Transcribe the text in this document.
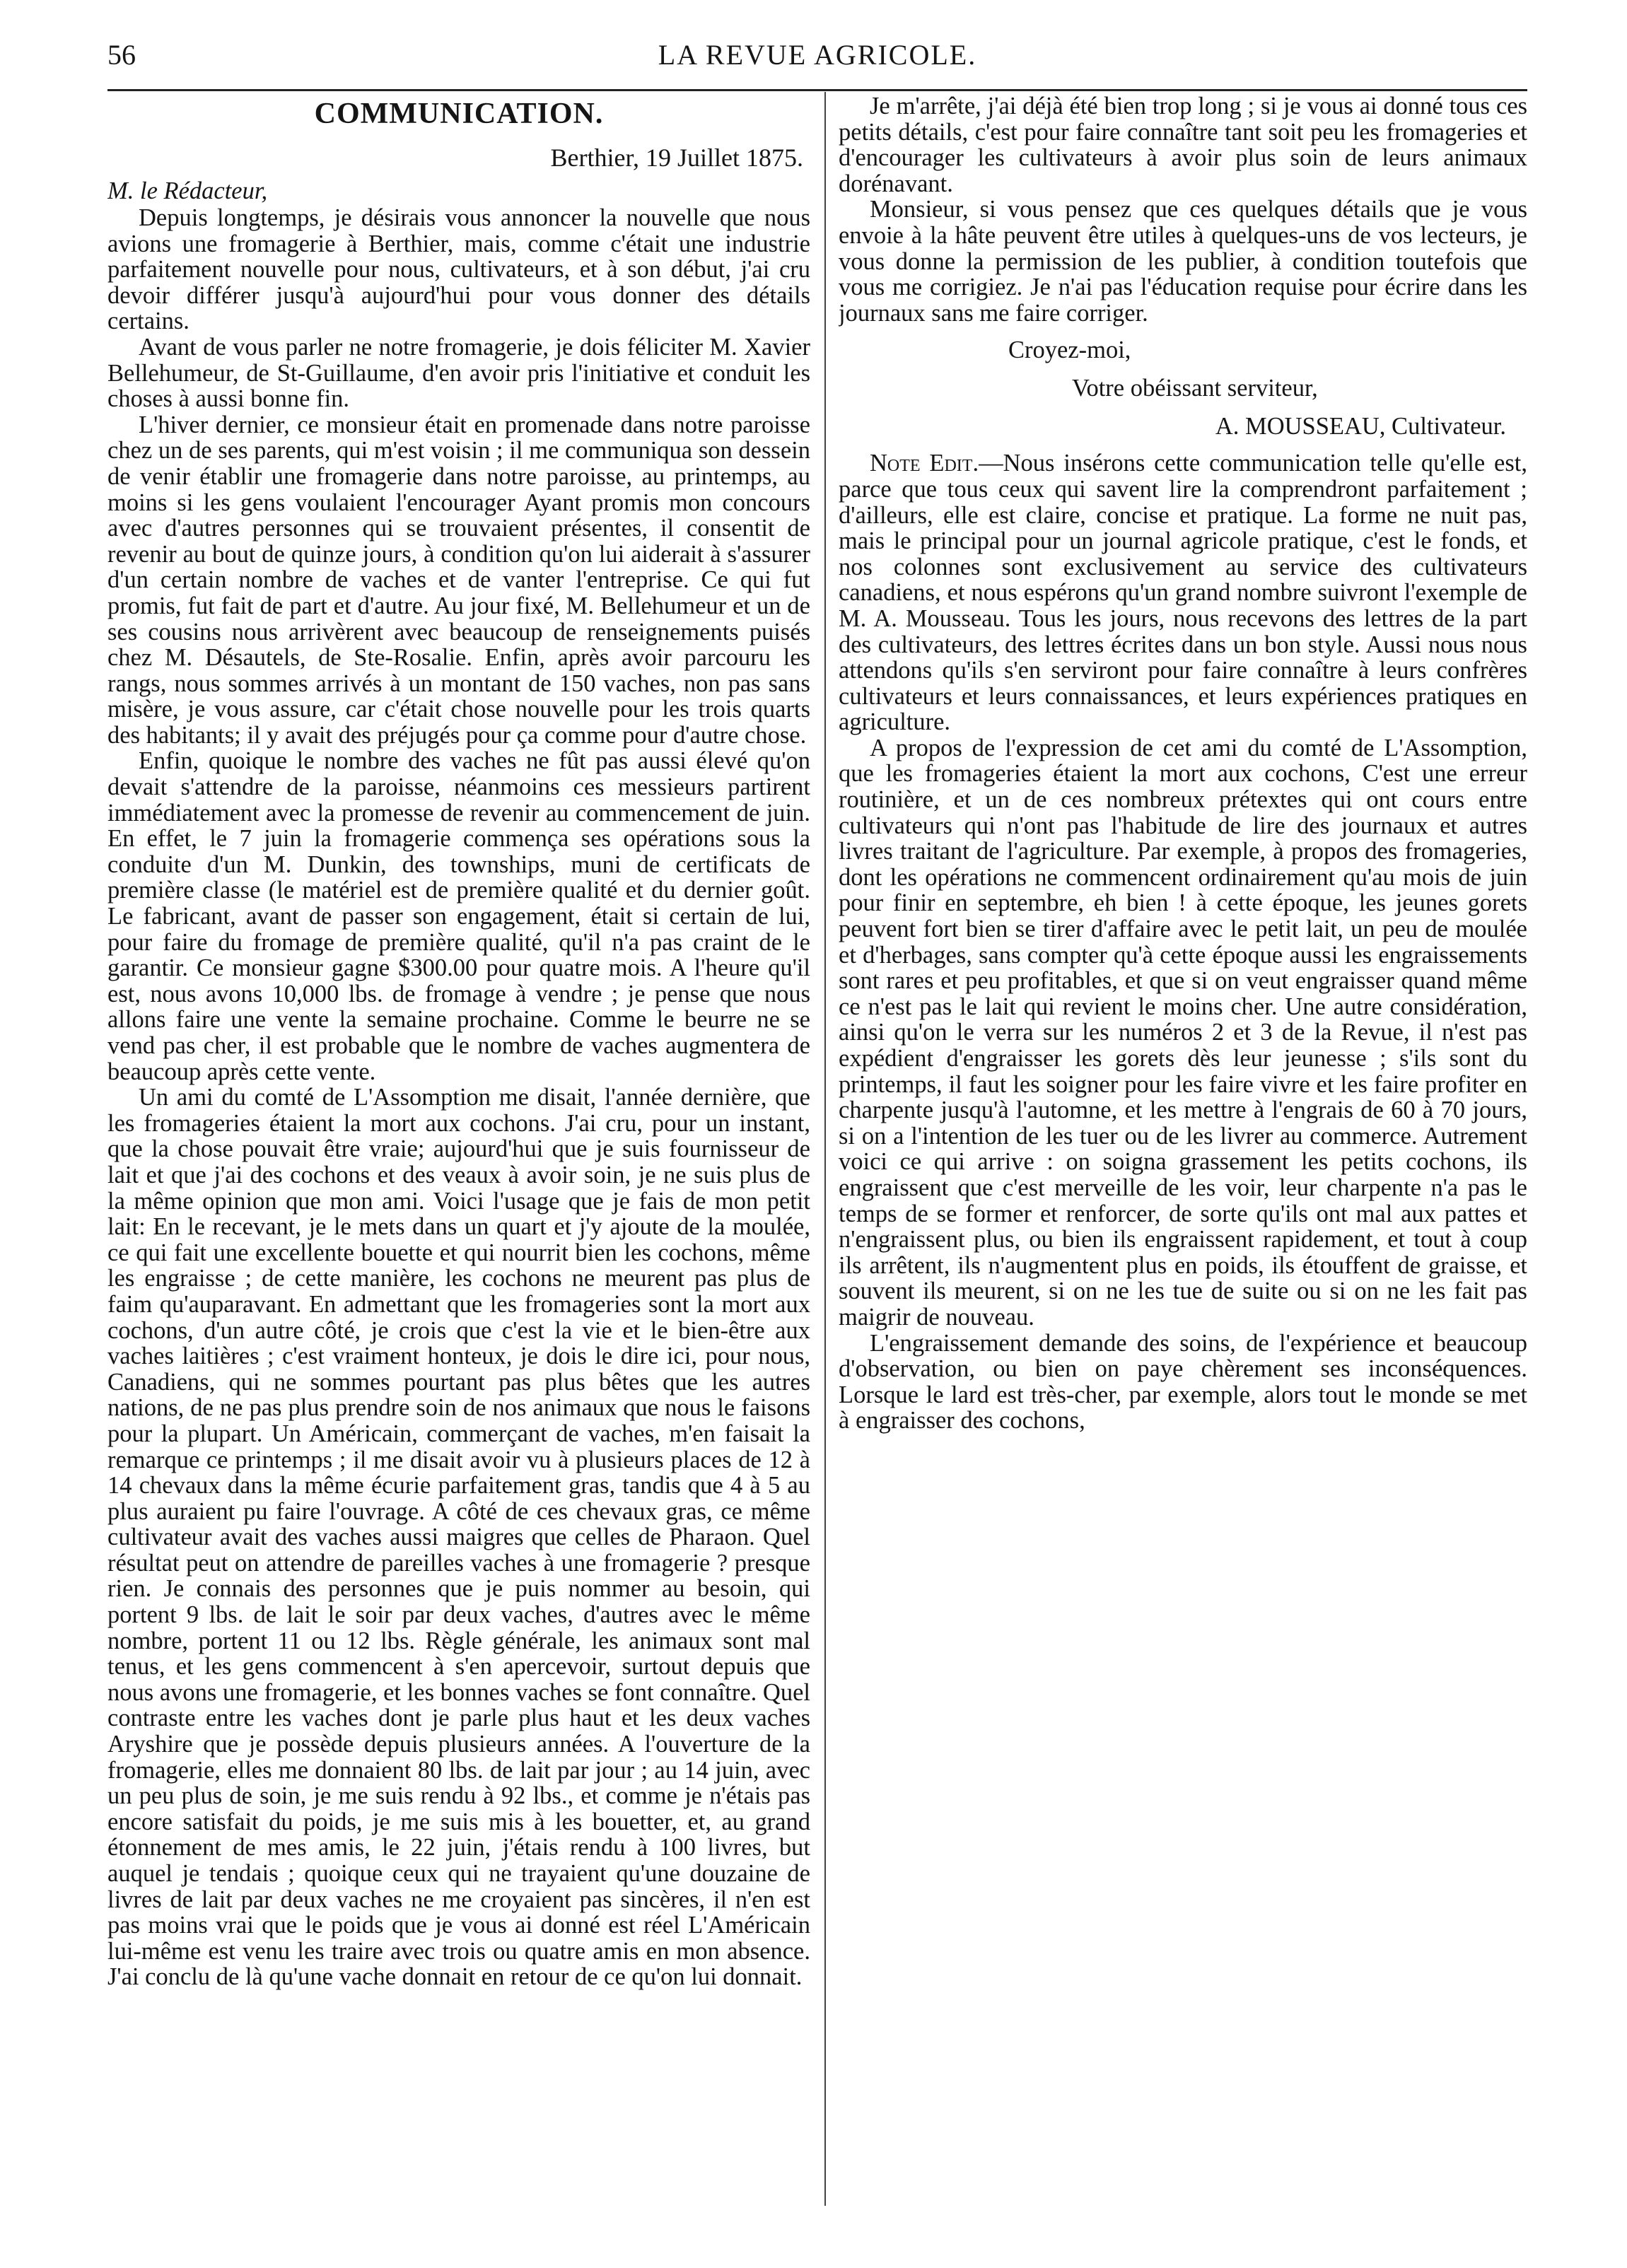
56	LA REVUE AGRICOLE.
COMMUNICATION.
Berthier, 19 Juillet 1875.

M. le Rédacteur,

Depuis longtemps, je désirais vous annoncer la nouvelle que nous avions une fromagerie à Berthier, mais, comme c'était une industrie parfaitement nouvelle pour nous, cultivateurs, et à son début, j'ai cru devoir différer jusqu'à aujourd'hui pour vous donner des détails certains.

Avant de vous parler ne notre fromagerie, je dois féliciter M. Xavier Bellehumeur, de St-Guillaume, d'en avoir pris l'initiative et conduit les choses à aussi bonne fin.

L'hiver dernier, ce monsieur était en promenade dans notre paroisse chez un de ses parents, qui m'est voisin ; il me communiqua son dessein de venir établir une fromagerie dans notre paroisse, au printemps, au moins si les gens voulaient l'encourager Ayant promis mon concours avec d'autres personnes qui se trouvaient présentes, il consentit de revenir au bout de quinze jours, à condition qu'on lui aiderait à s'assurer d'un certain nombre de vaches et de vanter l'entreprise. Ce qui fut promis, fut fait de part et d'autre. Au jour fixé, M. Bellehumeur et un de ses cousins nous arrivèrent avec beaucoup de renseignements puisés chez M. Désautels, de Ste-Rosalie. Enfin, après avoir parcouru les rangs, nous sommes arrivés à un montant de 150 vaches, non pas sans misère, je vous assure, car c'était chose nouvelle pour les trois quarts des habitants; il y avait des préjugés pour ça comme pour d'autre chose.

Enfin, quoique le nombre des vaches ne fût pas aussi élevé qu'on devait s'attendre de la paroisse, néanmoins ces messieurs partirent immédiatement avec la promesse de revenir au commencement de juin. En effet, le 7 juin la fromagerie commença ses opérations sous la conduite d'un M. Dunkin, des townships, muni de certificats de première classe (le matériel est de première qualité et du dernier goût. Le fabricant, avant de passer son engagement, était si certain de lui, pour faire du fromage de première qualité, qu'il n'a pas craint de le garantir. Ce monsieur gagne $300.00 pour quatre mois. A l'heure qu'il est, nous avons 10,000 lbs. de fromage à vendre ; je pense que nous allons faire une vente la semaine prochaine. Comme le beurre ne se vend pas cher, il est probable que le nombre de vaches augmentera de beaucoup après cette vente.

Un ami du comté de L'Assomption me disait, l'année dernière, que les fromageries étaient la mort aux cochons. J'ai cru, pour un instant, que la chose pouvait être vraie; aujourd'hui que je suis fournisseur de lait et que j'ai des cochons et des veaux à avoir soin, je ne suis plus de la même opinion que mon ami. Voici l'usage que je fais de mon petit lait: En le recevant, je le mets dans un quart et j'y ajoute de la moulée, ce qui fait une excellente bouette et qui nourrit bien les cochons, même les engraisse ; de cette manière, les cochons ne meurent pas plus de faim qu'auparavant. En admettant que les fromageries sont la mort aux cochons, d'un autre côté, je crois que c'est la vie et le bien-être aux vaches laitières ; c'est vraiment honteux, je dois le dire ici, pour nous, Canadiens, qui ne sommes pourtant pas plus bêtes que les autres nations, de ne pas plus prendre soin de nos animaux que nous le faisons pour la plupart. Un Américain, commerçant de vaches, m'en faisait la remarque ce printemps ; il me disait avoir vu à plusieurs places de 12 à 14 chevaux dans la même écurie parfaitement gras, tandis que 4 à 5 au plus auraient pu faire l'ouvrage. A côté de ces chevaux gras, ce même cultivateur avait des vaches aussi maigres que celles de Pharaon. Quel résultat peut on attendre de pareilles vaches à une fromagerie ? presque rien. Je connais des personnes que je puis nommer au besoin, qui portent 9 lbs. de lait le soir par deux vaches, d'autres avec le même nombre, portent 11 ou 12 lbs. Règle générale, les animaux sont mal tenus, et les gens commencent à s'en apercevoir, surtout depuis que nous avons une fromagerie, et les bonnes vaches se font connaître. Quel contraste entre les vaches dont je parle plus haut et les deux vaches Aryshire que je possède depuis plusieurs années. A l'ouverture de la fromagerie, elles me donnaient 80 lbs. de lait par jour ; au 14 juin, avec un peu plus de soin, je me suis rendu à 92 lbs., et comme je n'étais pas encore satisfait du poids, je me suis mis à les bouetter, et, au grand étonnement de mes amis, le 22 juin, j'étais rendu à 100 livres, but auquel je tendais ; quoique ceux qui ne trayaient qu'une douzaine de livres de lait par deux vaches ne me croyaient pas sincères, il n'en est pas moins vrai que le poids que je vous ai donné est réel L'Américain lui-même est venu les traire avec trois ou quatre amis en mon absence. J'ai conclu de là qu'une vache donnait en retour de ce qu'on lui donnait.

Je m'arrête, j'ai déjà été bien trop long ; si je vous ai donné tous ces petits détails, c'est pour faire connaître tant soit peu les fromageries et d'encourager les cultivateurs à avoir plus soin de leurs animaux dorénavant.

Monsieur, si vous pensez que ces quelques détails que je vous envoie à la hâte peuvent être utiles à quelques-uns de vos lecteurs, je vous donne la permission de les publier, à condition toutefois que vous me corrigiez. Je n'ai pas l'éducation requise pour écrire dans les journaux sans me faire corriger.

Croyez-moi,
Votre obéissant serviteur,
A. MOUSSEAU, Cultivateur.

Note Edit.—Nous insérons cette communication telle qu'elle est, parce que tous ceux qui savent lire la comprendront parfaitement ; d'ailleurs, elle est claire, concise et pratique. La forme ne nuit pas, mais le principal pour un journal agricole pratique, c'est le fonds, et nos colonnes sont exclusivement au service des cultivateurs canadiens, et nous espérons qu'un grand nombre suivront l'exemple de M. A. Mousseau. Tous les jours, nous recevons des lettres de la part des cultivateurs, des lettres écrites dans un bon style. Aussi nous nous attendons qu'ils s'en serviront pour faire connaître à leurs confrères cultivateurs et leurs connaissances, et leurs expériences pratiques en agriculture.

A propos de l'expression de cet ami du comté de L'Assomption, que les fromageries étaient la mort aux cochons, C'est une erreur routinière, et un de ces nombreux prétextes qui ont cours entre cultivateurs qui n'ont pas l'habitude de lire des journaux et autres livres traitant de l'agriculture. Par exemple, à propos des fromageries, dont les opérations ne commencent ordinairement qu'au mois de juin pour finir en septembre, eh bien ! à cette époque, les jeunes gorets peuvent fort bien se tirer d'affaire avec le petit lait, un peu de moulée et d'herbages, sans compter qu'à cette époque aussi les engraissements sont rares et peu profitables, et que si on veut engraisser quand même ce n'est pas le lait qui revient le moins cher. Une autre considération, ainsi qu'on le verra sur les numéros 2 et 3 de la Revue, il n'est pas expédient d'engraisser les gorets dès leur jeunesse ; s'ils sont du printemps, il faut les soigner pour les faire vivre et les faire profiter en charpente jusqu'à l'automne, et les mettre à l'engrais de 60 à 70 jours, si on a l'intention de les tuer ou de les livrer au commerce. Autrement voici ce qui arrive : on soigna grassement les petits cochons, ils engraissent que c'est merveille de les voir, leur charpente n'a pas le temps de se former et renforcer, de sorte qu'ils ont mal aux pattes et n'engraissent plus, ou bien ils engraissent rapidement, et tout à coup ils arrêtent, ils n'augmentent plus en poids, ils étouffent de graisse, et souvent ils meurent, si on ne les tue de suite ou si on ne les fait pas maigrir de nouveau.

L'engraissement demande des soins, de l'expérience et beaucoup d'observation, ou bien on paye chèrement ses inconséquences. Lorsque le lard est très-cher, par exemple, alors tout le monde se met à engraisser des cochons,
